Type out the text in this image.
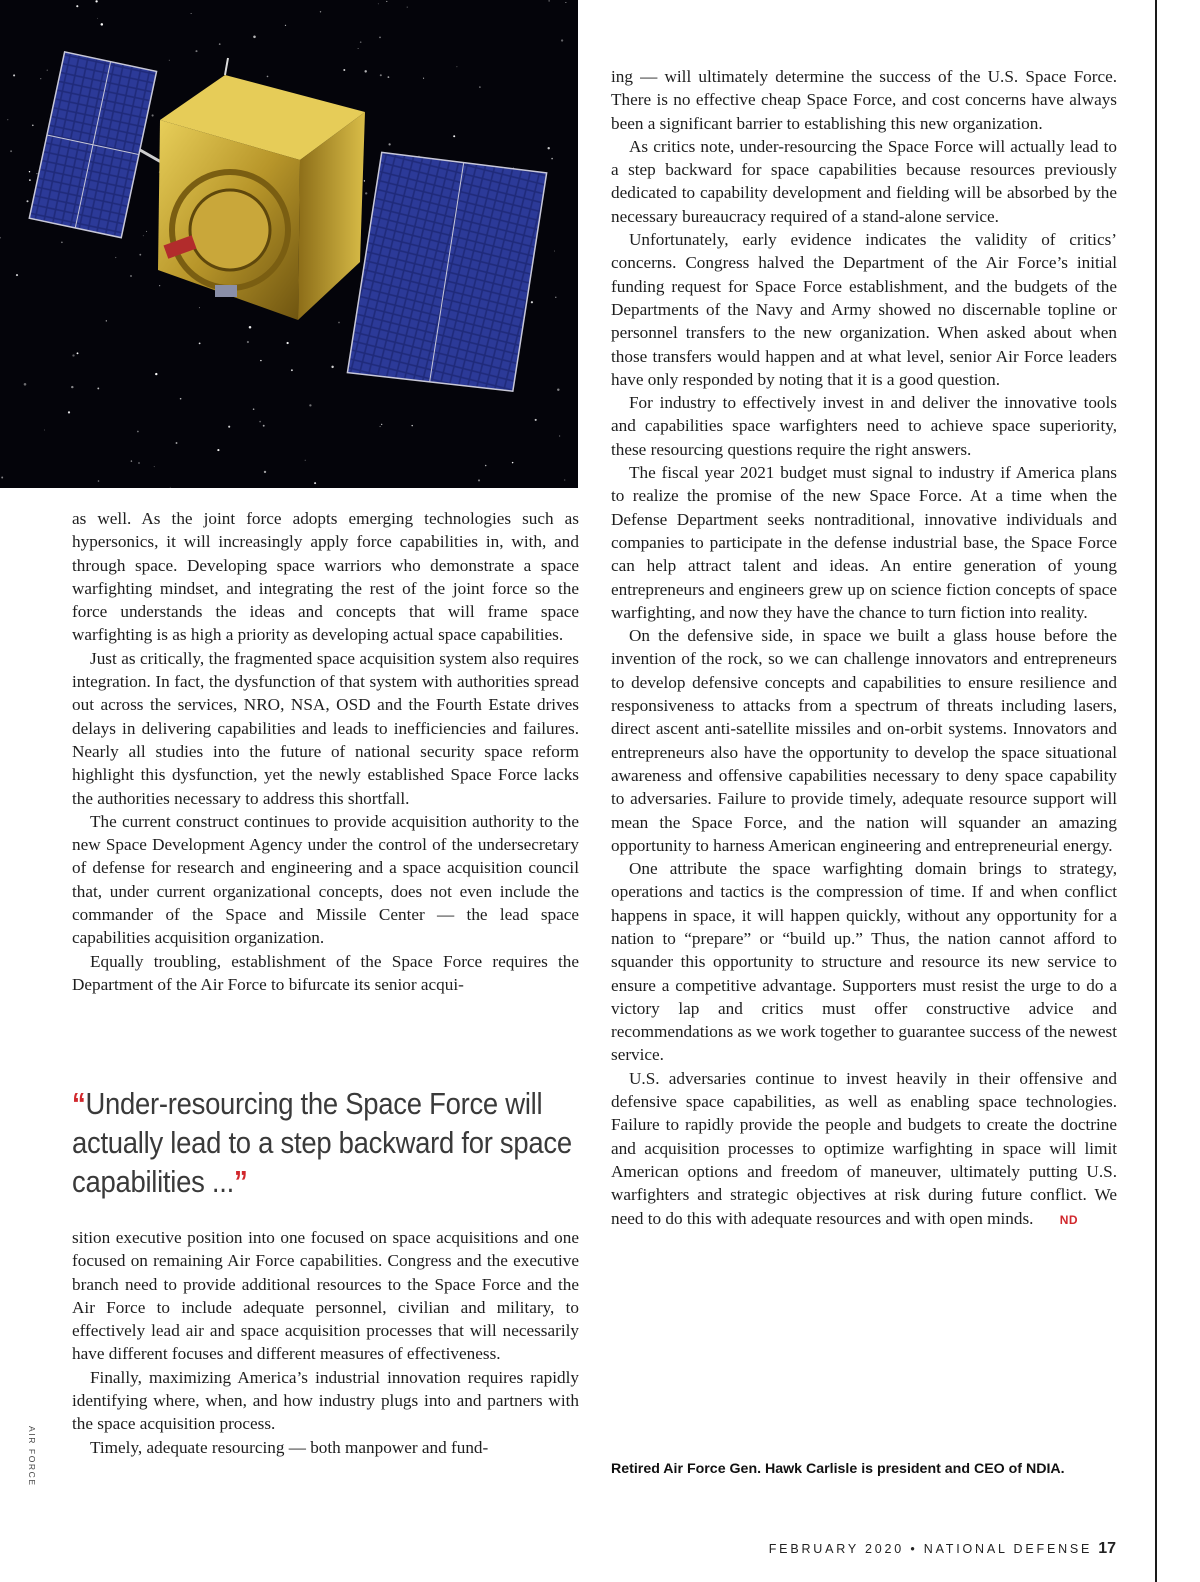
as well. As the joint force adopts emerging technologies such as hypersonics, it will increasingly apply force capabilities in, with, and through space. Developing space warriors who demonstrate a space warfighting mindset, and integrating the rest of the joint force so the force understands the ideas and concepts that will frame space warfighting is as high a priority as developing actual space capabilities.

Just as critically, the fragmented space acquisition system also requires integration. In fact, the dysfunction of that system with authorities spread out across the services, NRO, NSA, OSD and the Fourth Estate drives delays in delivering capabilities and leads to inefficiencies and failures. Nearly all studies into the future of national security space reform highlight this dysfunction, yet the newly established Space Force lacks the authorities necessary to address this shortfall.

The current construct continues to provide acquisition authority to the new Space Development Agency under the control of the undersecretary of defense for research and engineering and a space acquisition council that, under current organizational concepts, does not even include the commander of the Space and Missile Center — the lead space capabilities acquisition organization.

Equally troubling, establishment of the Space Force requires the Department of the Air Force to bifurcate its senior acqui-

“Under-resourcing the Space Force will actually lead to a step backward for space capabilities ...”

sition executive position into one focused on space acquisitions and one focused on remaining Air Force capabilities. Congress and the executive branch need to provide additional resources to the Space Force and the Air Force to include adequate personnel, civilian and military, to effectively lead air and space acquisition processes that will necessarily have different focuses and different measures of effectiveness.

Finally, maximizing America’s industrial innovation requires rapidly identifying where, when, and how industry plugs into and partners with the space acquisition process.

Timely, adequate resourcing — both manpower and fund-

ing — will ultimately determine the success of the U.S. Space Force. There is no effective cheap Space Force, and cost concerns have always been a significant barrier to establishing this new organization.

As critics note, under-resourcing the Space Force will actually lead to a step backward for space capabilities because resources previously dedicated to capability development and fielding will be absorbed by the necessary bureaucracy required of a stand-alone service.

Unfortunately, early evidence indicates the validity of critics’ concerns. Congress halved the Department of the Air Force’s initial funding request for Space Force establishment, and the budgets of the Departments of the Navy and Army showed no discernable topline or personnel transfers to the new organization. When asked about when those transfers would happen and at what level, senior Air Force leaders have only responded by noting that it is a good question.

For industry to effectively invest in and deliver the innovative tools and capabilities space warfighters need to achieve space superiority, these resourcing questions require the right answers.

The fiscal year 2021 budget must signal to industry if America plans to realize the promise of the new Space Force. At a time when the Defense Department seeks nontraditional, innovative individuals and companies to participate in the defense industrial base, the Space Force can help attract talent and ideas. An entire generation of young entrepreneurs and engineers grew up on science fiction concepts of space warfighting, and now they have the chance to turn fiction into reality.

On the defensive side, in space we built a glass house before the invention of the rock, so we can challenge innovators and entrepreneurs to develop defensive concepts and capabilities to ensure resilience and responsiveness to attacks from a spectrum of threats including lasers, direct ascent anti-satellite missiles and on-orbit systems. Innovators and entrepreneurs also have the opportunity to develop the space situational awareness and offensive capabilities necessary to deny space capability to adversaries. Failure to provide timely, adequate resource support will mean the Space Force, and the nation will squander an amazing opportunity to harness American engineering and entrepreneurial energy.

One attribute the space warfighting domain brings to strategy, operations and tactics is the compression of time. If and when conflict happens in space, it will happen quickly, without any opportunity for a nation to “prepare” or “build up.” Thus, the nation cannot afford to squander this opportunity to structure and resource its new service to ensure a competitive advantage. Supporters must resist the urge to do a victory lap and critics must offer constructive advice and recommendations as we work together to guarantee success of the newest service.

U.S. adversaries continue to invest heavily in their offensive and defensive space capabilities, as well as enabling space technologies. Failure to rapidly provide the people and budgets to create the doctrine and acquisition processes to optimize warfighting in space will limit American options and freedom of maneuver, ultimately putting U.S. warfighters and strategic objectives at risk during future conflict. We need to do this with adequate resources and with open minds. ND

Retired Air Force Gen. Hawk Carlisle is president and CEO of NDIA.
AIR FORCE
FEBRUARY 2020 • NATIONAL DEFENSE 17
